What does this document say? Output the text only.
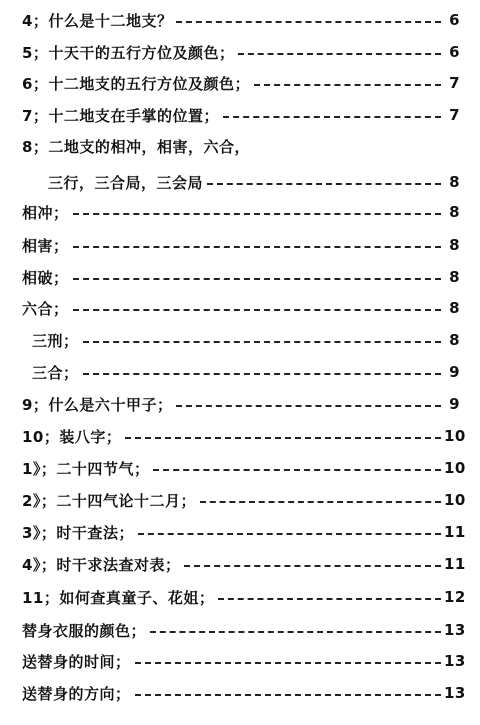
4；什么是十二地支？	6
5；十天干的五行方位及颜色；	6
6；十二地支的五行方位及颜色；	7
7；十二地支在手掌的位置；	7
8；二地支的相冲，相害，六合，
三行，三合局，三会局	8
相冲；	8
相害；	8
相破；	8
六合；	8
三刑；	8
三合；	9
9；什么是六十甲子；	9
10；装八字；	10
1》；二十四节气；	10
2》；二十四气论十二月；	10
3》；时干查法；	11
4》；时干求法查对表；	11
11；如何查真童子、花姐；	12
替身衣服的颜色；	13
送替身的时间；	13
送替身的方向；	13
